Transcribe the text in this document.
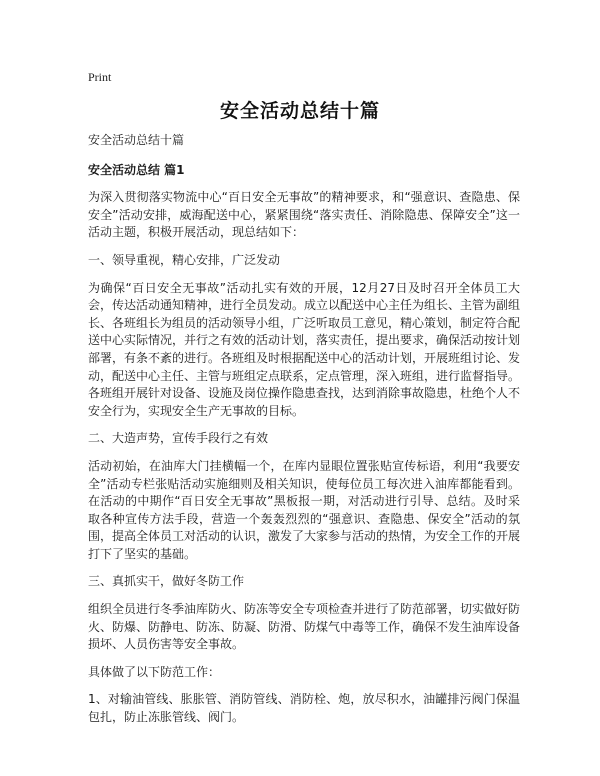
Print
安全活动总结十篇

安全活动总结十篇

安全活动总结 篇1

为深入贯彻落实物流中心“百日安全无事故”的精神要求，和“强意识、查隐患、保安全”活动安排，威海配送中心，紧紧围绕“落实责任、消除隐患、保障安全”这一活动主题，积极开展活动，现总结如下：

一、领导重视，精心安排，广泛发动

为确保“百日安全无事故”活动扎实有效的开展，12月27日及时召开全体员工大会，传达活动通知精神，进行全员发动。成立以配送中心主任为组长、主管为副组长、各班组长为组员的活动领导小组，广泛听取员工意见，精心策划，制定符合配送中心实际情况，并行之有效的活动计划，落实责任，提出要求，确保活动按计划部署，有条不紊的进行。各班组及时根据配送中心的活动计划，开展班组讨论、发动，配送中心主任、主管与班组定点联系，定点管理，深入班组，进行监督指导。各班组开展针对设备、设施及岗位操作隐患查找，达到消除事故隐患，杜绝个人不安全行为，实现安全生产无事故的目标。

二、大造声势，宣传手段行之有效

活动初始，在油库大门挂横幅一个，在库内显眼位置张贴宣传标语，利用“我要安全”活动专栏张贴活动实施细则及相关知识，使每位员工每次进入油库都能看到。在活动的中期作“百日安全无事故”黑板报一期，对活动进行引导、总结。及时采取各种宣传方法手段，营造一个轰轰烈烈的“强意识、查隐患、保安全”活动的氛围，提高全体员工对活动的认识，激发了大家参与活动的热情，为安全工作的开展打下了坚实的基础。

三、真抓实干，做好冬防工作

组织全员进行冬季油库防火、防冻等安全专项检查并进行了防范部署，切实做好防火、防爆、防静电、防冻、防凝、防滑、防煤气中毒等工作，确保不发生油库设备损坏、人员伤害等安全事故。

具体做了以下防范工作：

1、对输油管线、胀胀管、消防管线、消防栓、炮，放尽积水，油罐排污阀门保温包扎，防止冻胀管线、阀门。
